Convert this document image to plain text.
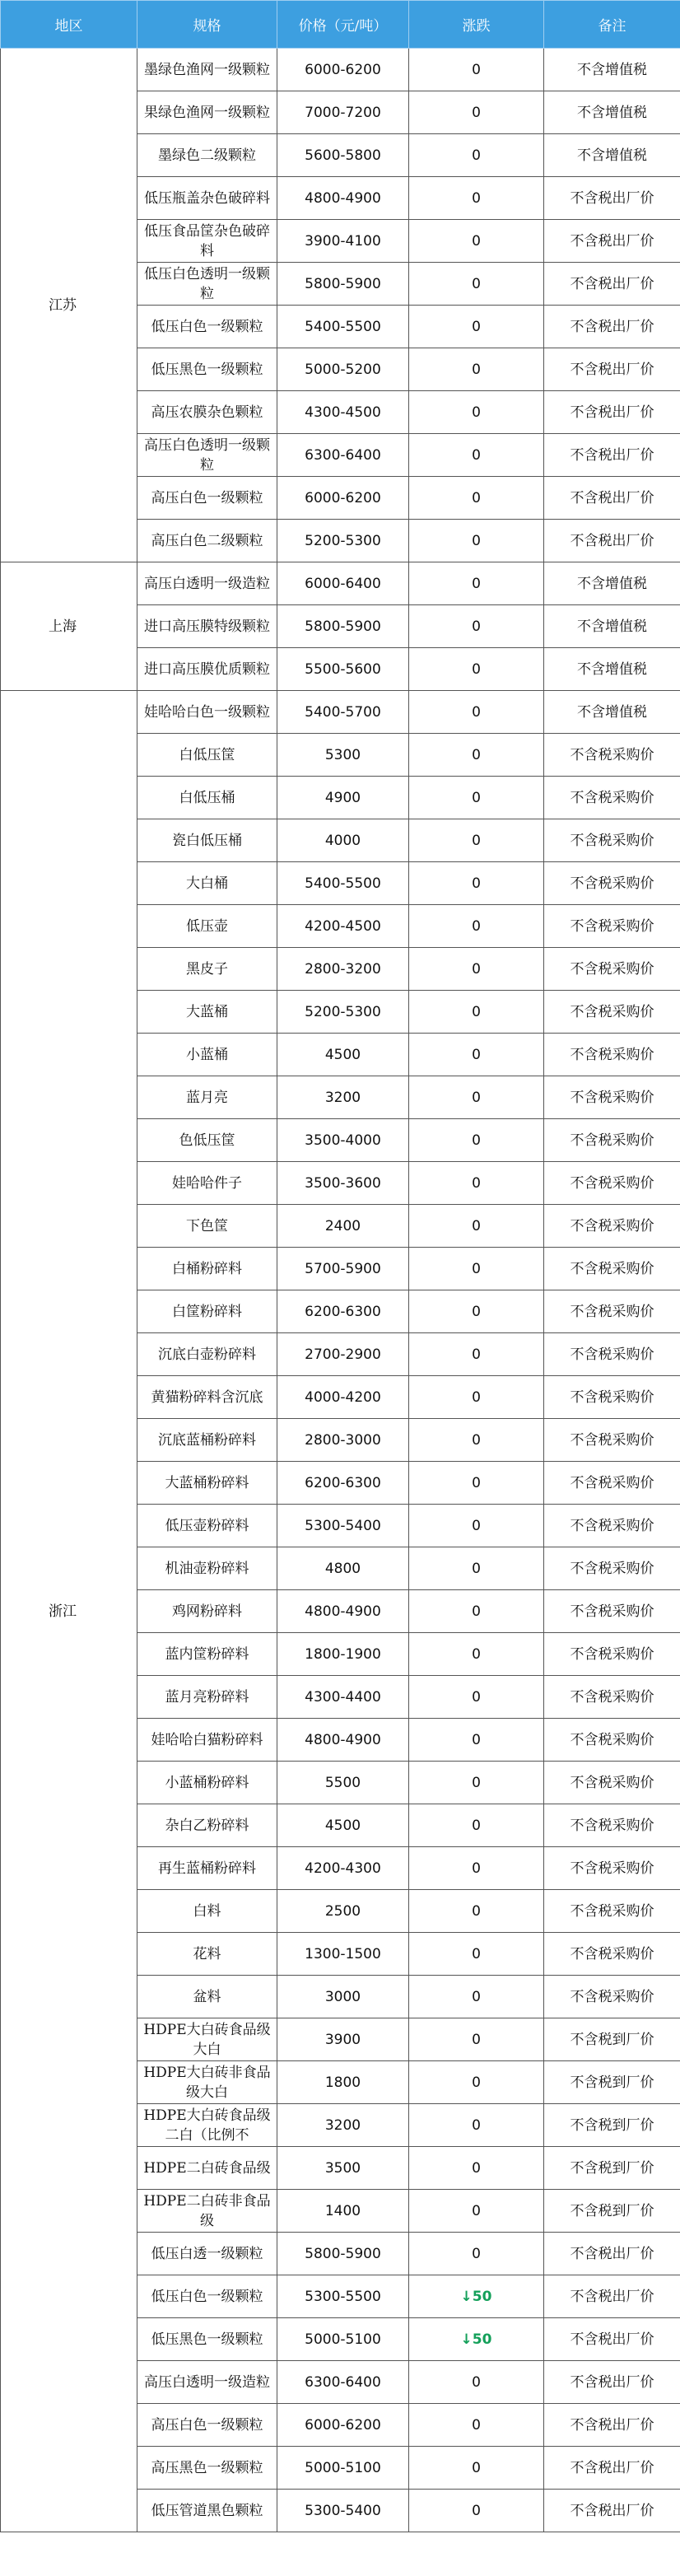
地区	规格	价格（元/吨）	涨跌	备注
江苏	墨绿色渔网一级颗粒	6000-6200	0	不含增值税
	果绿色渔网一级颗粒	7000-7200	0	不含增值税
	墨绿色二级颗粒	5600-5800	0	不含增值税
	低压瓶盖杂色破碎料	4800-4900	0	不含税出厂价
	低压食品筐杂色破碎料	3900-4100	0	不含税出厂价
	低压白色透明一级颗粒	5800-5900	0	不含税出厂价
	低压白色一级颗粒	5400-5500	0	不含税出厂价
	低压黑色一级颗粒	5000-5200	0	不含税出厂价
	高压农膜杂色颗粒	4300-4500	0	不含税出厂价
	高压白色透明一级颗粒	6300-6400	0	不含税出厂价
	高压白色一级颗粒	6000-6200	0	不含税出厂价
	高压白色二级颗粒	5200-5300	0	不含税出厂价
上海	高压白透明一级造粒	6000-6400	0	不含增值税
	进口高压膜特级颗粒	5800-5900	0	不含增值税
	进口高压膜优质颗粒	5500-5600	0	不含增值税
浙江	娃哈哈白色一级颗粒	5400-5700	0	不含增值税
	白低压筐	5300	0	不含税采购价
	白低压桶	4900	0	不含税采购价
	瓷白低压桶	4000	0	不含税采购价
	大白桶	5400-5500	0	不含税采购价
	低压壶	4200-4500	0	不含税采购价
	黑皮子	2800-3200	0	不含税采购价
	大蓝桶	5200-5300	0	不含税采购价
	小蓝桶	4500	0	不含税采购价
	蓝月亮	3200	0	不含税采购价
	色低压筐	3500-4000	0	不含税采购价
	娃哈哈件子	3500-3600	0	不含税采购价
	下色筐	2400	0	不含税采购价
	白桶粉碎料	5700-5900	0	不含税采购价
	白筐粉碎料	6200-6300	0	不含税采购价
	沉底白壶粉碎料	2700-2900	0	不含税采购价
	黄猫粉碎料含沉底	4000-4200	0	不含税采购价
	沉底蓝桶粉碎料	2800-3000	0	不含税采购价
	大蓝桶粉碎料	6200-6300	0	不含税采购价
	低压壶粉碎料	5300-5400	0	不含税采购价
	机油壶粉碎料	4800	0	不含税采购价
	鸡网粉碎料	4800-4900	0	不含税采购价
	蓝内筐粉碎料	1800-1900	0	不含税采购价
	蓝月亮粉碎料	4300-4400	0	不含税采购价
	娃哈哈白猫粉碎料	4800-4900	0	不含税采购价
	小蓝桶粉碎料	5500	0	不含税采购价
	杂白乙粉碎料	4500	0	不含税采购价
	再生蓝桶粉碎料	4200-4300	0	不含税采购价
	白料	2500	0	不含税采购价
	花料	1300-1500	0	不含税采购价
	盆料	3000	0	不含税采购价
	HDPE大白砖食品级大白	3900	0	不含税到厂价
	HDPE大白砖非食品级大白	1800	0	不含税到厂价
	HDPE大白砖食品级二白（比例不	3200	0	不含税到厂价
	HDPE二白砖食品级	3500	0	不含税到厂价
	HDPE二白砖非食品级	1400	0	不含税到厂价
	低压白透一级颗粒	5800-5900	0	不含税出厂价
	低压白色一级颗粒	5300-5500	↓50	不含税出厂价
	低压黑色一级颗粒	5000-5100	↓50	不含税出厂价
	高压白透明一级造粒	6300-6400	0	不含税出厂价
	高压白色一级颗粒	6000-6200	0	不含税出厂价
	高压黑色一级颗粒	5000-5100	0	不含税出厂价
	低压管道黑色颗粒	5300-5400	0	不含税出厂价
